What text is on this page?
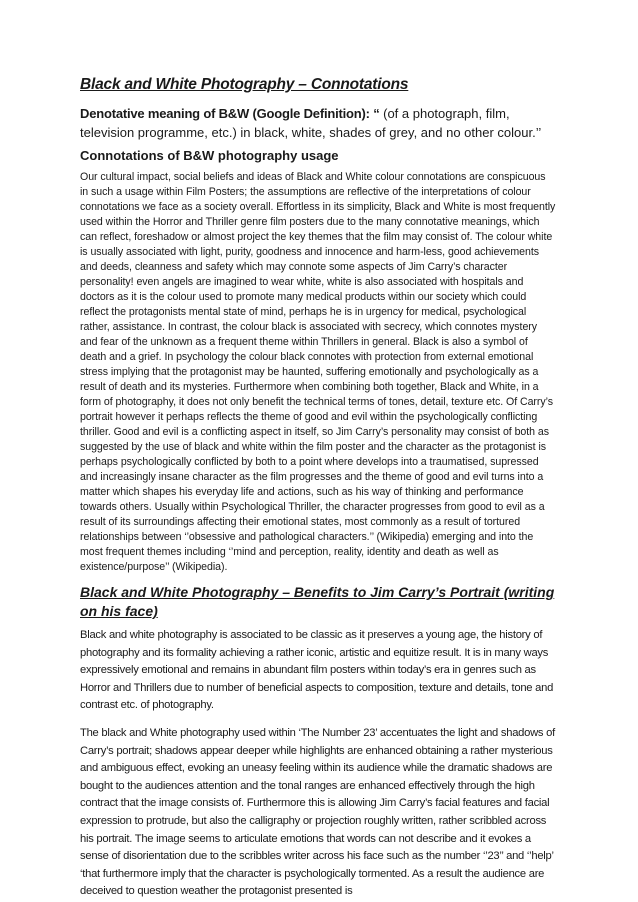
Black and White Photography – Connotations
Denotative meaning of B&W (Google Definition): “ (of a photograph, film, television programme, etc.) in black, white, shades of grey, and no other colour.’’
Connotations of B&W photography usage

Our cultural impact, social beliefs and ideas of Black and White colour connotations are conspicuous in such a usage within Film Posters; the assumptions are reflective of the interpretations of colour connotations we face as a society overall. Effortless in its simplicity, Black and White is most frequently used within the Horror and Thriller genre film posters due to the many connotative meanings, which can reflect, foreshadow or almost project the key themes that the film may consist of. The colour white is usually associated with light, purity, goodness and innocence and harm-less, good achievements and deeds, cleanness and safety which may connote some aspects of Jim Carry’s character personality! even angels are imagined to wear white, white is also associated with hospitals and doctors as it is the colour used to promote many medical products within our society which could reflect the protagonists mental state of mind, perhaps he is in urgency for medical, psychological rather, assistance. In contrast, the colour black is associated with secrecy, which connotes mystery and fear of the unknown as a frequent theme within Thrillers in general. Black is also a symbol of death and a grief. In psychology the colour black connotes with protection from external emotional stress implying that the protagonist may be haunted, suffering emotionally and psychologically as a result of death and its mysteries. Furthermore when combining both together, Black and White, in a form of photography, it does not only benefit the technical terms of tones, detail, texture etc. Of Carry’s portrait however it perhaps reflects the theme of good and evil within the psychologically conflicting thriller. Good and evil is a conflicting aspect in itself, so Jim Carry’s personality may consist of both as suggested by the use of black and white within the film poster and the character as the protagonist is perhaps psychologically conflicted by both to a point where develops into a traumatised, supressed and increasingly insane character as the film progresses and the theme of good and evil turns into a matter which shapes his everyday life and actions, such as his way of thinking and performance towards others. Usually within Psychological Thriller, the character progresses from good to evil as a result of its surroundings affecting their emotional states, most commonly as a result of tortured relationships between ‘’obsessive and pathological characters.’’ (Wikipedia) emerging and into the most frequent themes including ‘’mind and perception, reality, identity and death as well as existence/purpose’’ (Wikipedia).

Black and White Photography – Benefits to Jim Carry’s Portrait (writing on his face)

Black and white photography is associated to be classic as it preserves a young age, the history of photography and its formality achieving a rather iconic, artistic and equitize result. It is in many ways expressively emotional and remains in abundant film posters within today’s era in genres such as Horror and Thrillers due to number of beneficial aspects to composition, texture and details, tone and contrast etc. of photography.

The black and White photography used within ‘The Number 23’ accentuates the light and shadows of Carry’s portrait; shadows appear deeper while highlights are enhanced obtaining a rather mysterious and ambiguous effect, evoking an uneasy feeling within its audience while the dramatic shadows are bought to the audiences attention and the tonal ranges are enhanced effectively through the high contract that the image consists of. Furthermore this is allowing Jim Carry’s facial features and facial expression to protrude, but also the calligraphy or projection roughly written, rather scribbled across his portrait. The image seems to articulate emotions that words can not describe and it evokes a sense of disorientation due to the scribbles writer across his face such as the number ‘’23’’ and ‘’help’ ‘that furthermore imply that the character is psychologically tormented. As a result the audience are deceived to question weather the protagonist presented is
